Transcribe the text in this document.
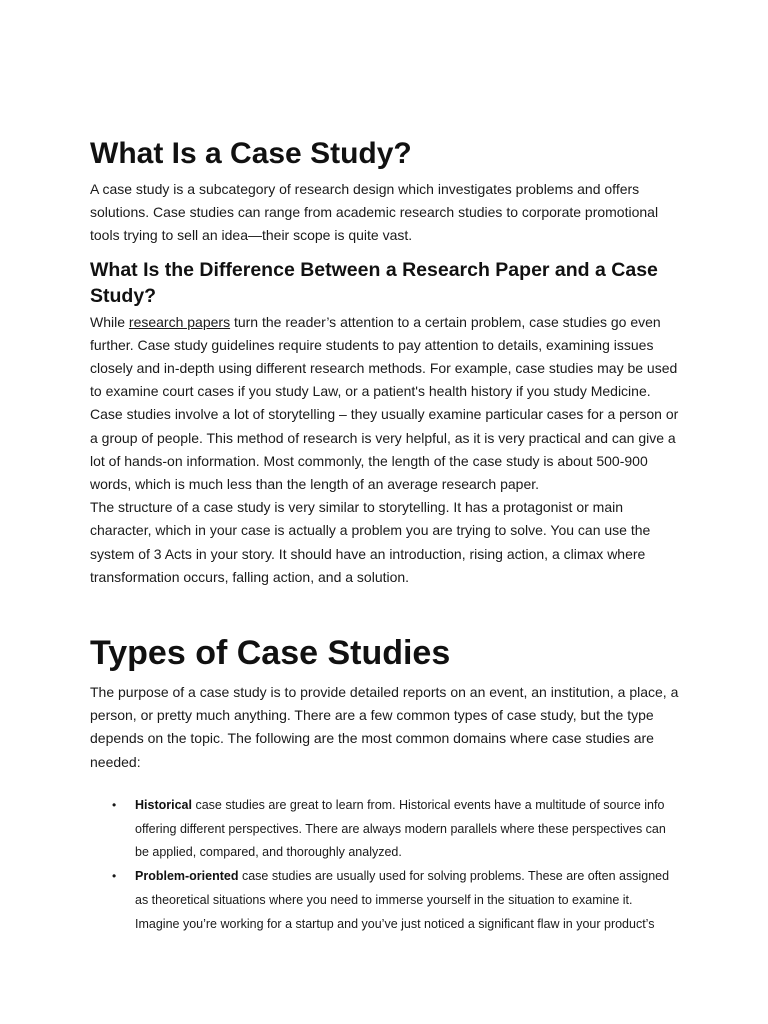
What Is a Case Study?

A case study is a subcategory of research design which investigates problems and offers solutions. Case studies can range from academic research studies to corporate promotional tools trying to sell an idea—their scope is quite vast.

What Is the Difference Between a Research Paper and a Case Study?

While research papers turn the reader’s attention to a certain problem, case studies go even further. Case study guidelines require students to pay attention to details, examining issues closely and in-depth using different research methods. For example, case studies may be used to examine court cases if you study Law, or a patient's health history if you study Medicine. Case studies involve a lot of storytelling – they usually examine particular cases for a person or a group of people. This method of research is very helpful, as it is very practical and can give a lot of hands-on information. Most commonly, the length of the case study is about 500-900 words, which is much less than the length of an average research paper.

The structure of a case study is very similar to storytelling. It has a protagonist or main character, which in your case is actually a problem you are trying to solve. You can use the system of 3 Acts in your story. It should have an introduction, rising action, a climax where transformation occurs, falling action, and a solution.

Types of Case Studies

The purpose of a case study is to provide detailed reports on an event, an institution, a place, a person, or pretty much anything. There are a few common types of case study, but the type depends on the topic. The following are the most common domains where case studies are needed:

• Historical case studies are great to learn from. Historical events have a multitude of source info offering different perspectives. There are always modern parallels where these perspectives can be applied, compared, and thoroughly analyzed.
• Problem-oriented case studies are usually used for solving problems. These are often assigned as theoretical situations where you need to immerse yourself in the situation to examine it. Imagine you’re working for a startup and you’ve just noticed a significant flaw in your product’s
